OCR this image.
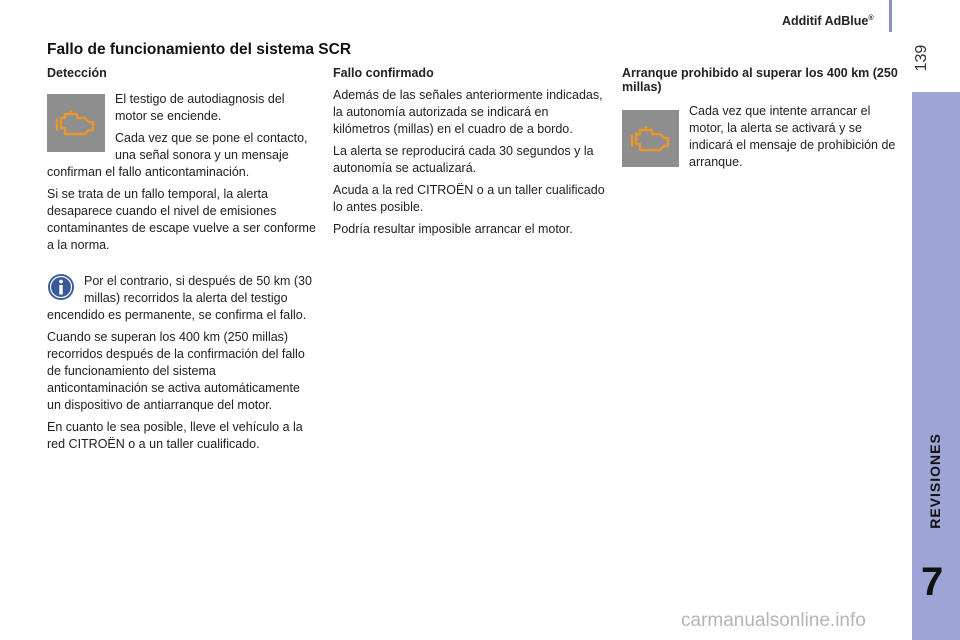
Additif AdBlue®
139
REVISIONES
7
Fallo de funcionamiento del sistema SCR
Detección

El testigo de autodiagnosis del motor se enciende.

Cada vez que se pone el contacto, una señal sonora y un mensaje confirman el fallo anticontaminación.

Si se trata de un fallo temporal, la alerta desaparece cuando el nivel de emisiones contaminantes de escape vuelve a ser conforme a la norma.

Por el contrario, si después de 50 km (30 millas) recorridos la alerta del testigo encendido es permanente, se confirma el fallo.

Cuando se superan los 400 km (250 millas) recorridos después de la confirmación del fallo de funcionamiento del sistema anticontaminación se activa automáticamente un dispositivo de antiarranque del motor.

En cuanto le sea posible, lleve el vehículo a la red CITROËN o a un taller cualificado.

Fallo confirmado

Además de las señales anteriormente indicadas, la autonomía autorizada se indicará en kilómetros (millas) en el cuadro de a bordo.

La alerta se reproducirá cada 30 segundos y la autonomía se actualizará.

Acuda a la red CITROËN o a un taller cualificado lo antes posible.

Podría resultar imposible arrancar el motor.

Arranque prohibido al superar los 400 km (250 millas)

Cada vez que intente arrancar el motor, la alerta se activará y se indicará el mensaje de prohibición de arranque.

carmanualsonline.info
